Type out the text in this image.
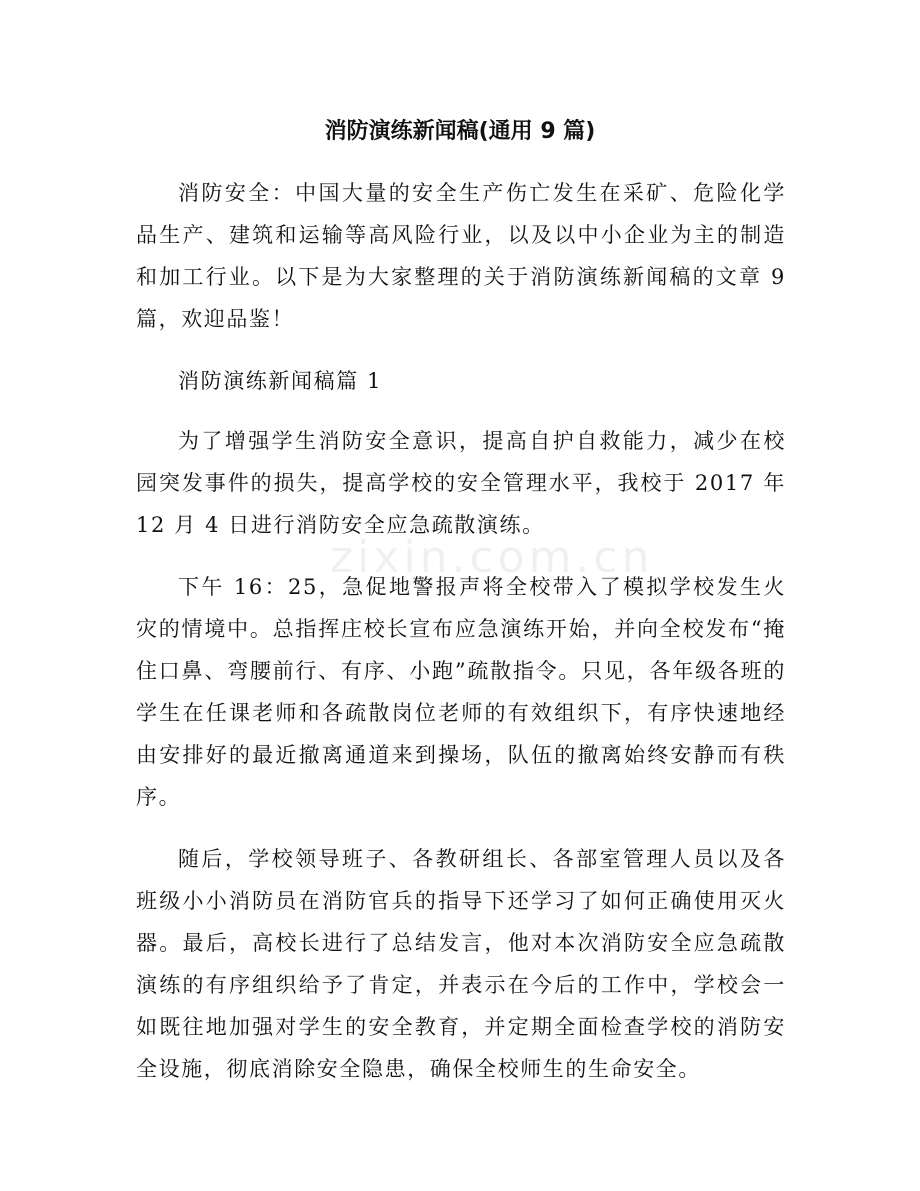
消防演练新闻稿(通用 9 篇)
zixin.com.cn

消防安全：中国大量的安全生产伤亡发生在采矿、危险化学品生产、建筑和运输等高风险行业，以及以中小企业为主的制造和加工行业。以下是为大家整理的关于消防演练新闻稿的文章 9 篇，欢迎品鉴！

消防演练新闻稿篇 1

为了增强学生消防安全意识，提高自护自救能力，减少在校园突发事件的损失，提高学校的安全管理水平，我校于 2017 年 12 月 4 日进行消防安全应急疏散演练。

下午 16：25，急促地警报声将全校带入了模拟学校发生火灾的情境中。总指挥庄校长宣布应急演练开始，并向全校发布“掩住口鼻、弯腰前行、有序、小跑”疏散指令。只见，各年级各班的学生在任课老师和各疏散岗位老师的有效组织下，有序快速地经由安排好的最近撤离通道来到操场，队伍的撤离始终安静而有秩序。

随后，学校领导班子、各教研组长、各部室管理人员以及各班级小小消防员在消防官兵的指导下还学习了如何正确使用灭火器。最后，高校长进行了总结发言，他对本次消防安全应急疏散演练的有序组织给予了肯定，并表示在今后的工作中，学校会一如既往地加强对学生的安全教育，并定期全面检查学校的消防安全设施，彻底消除安全隐患，确保全校师生的生命安全。
